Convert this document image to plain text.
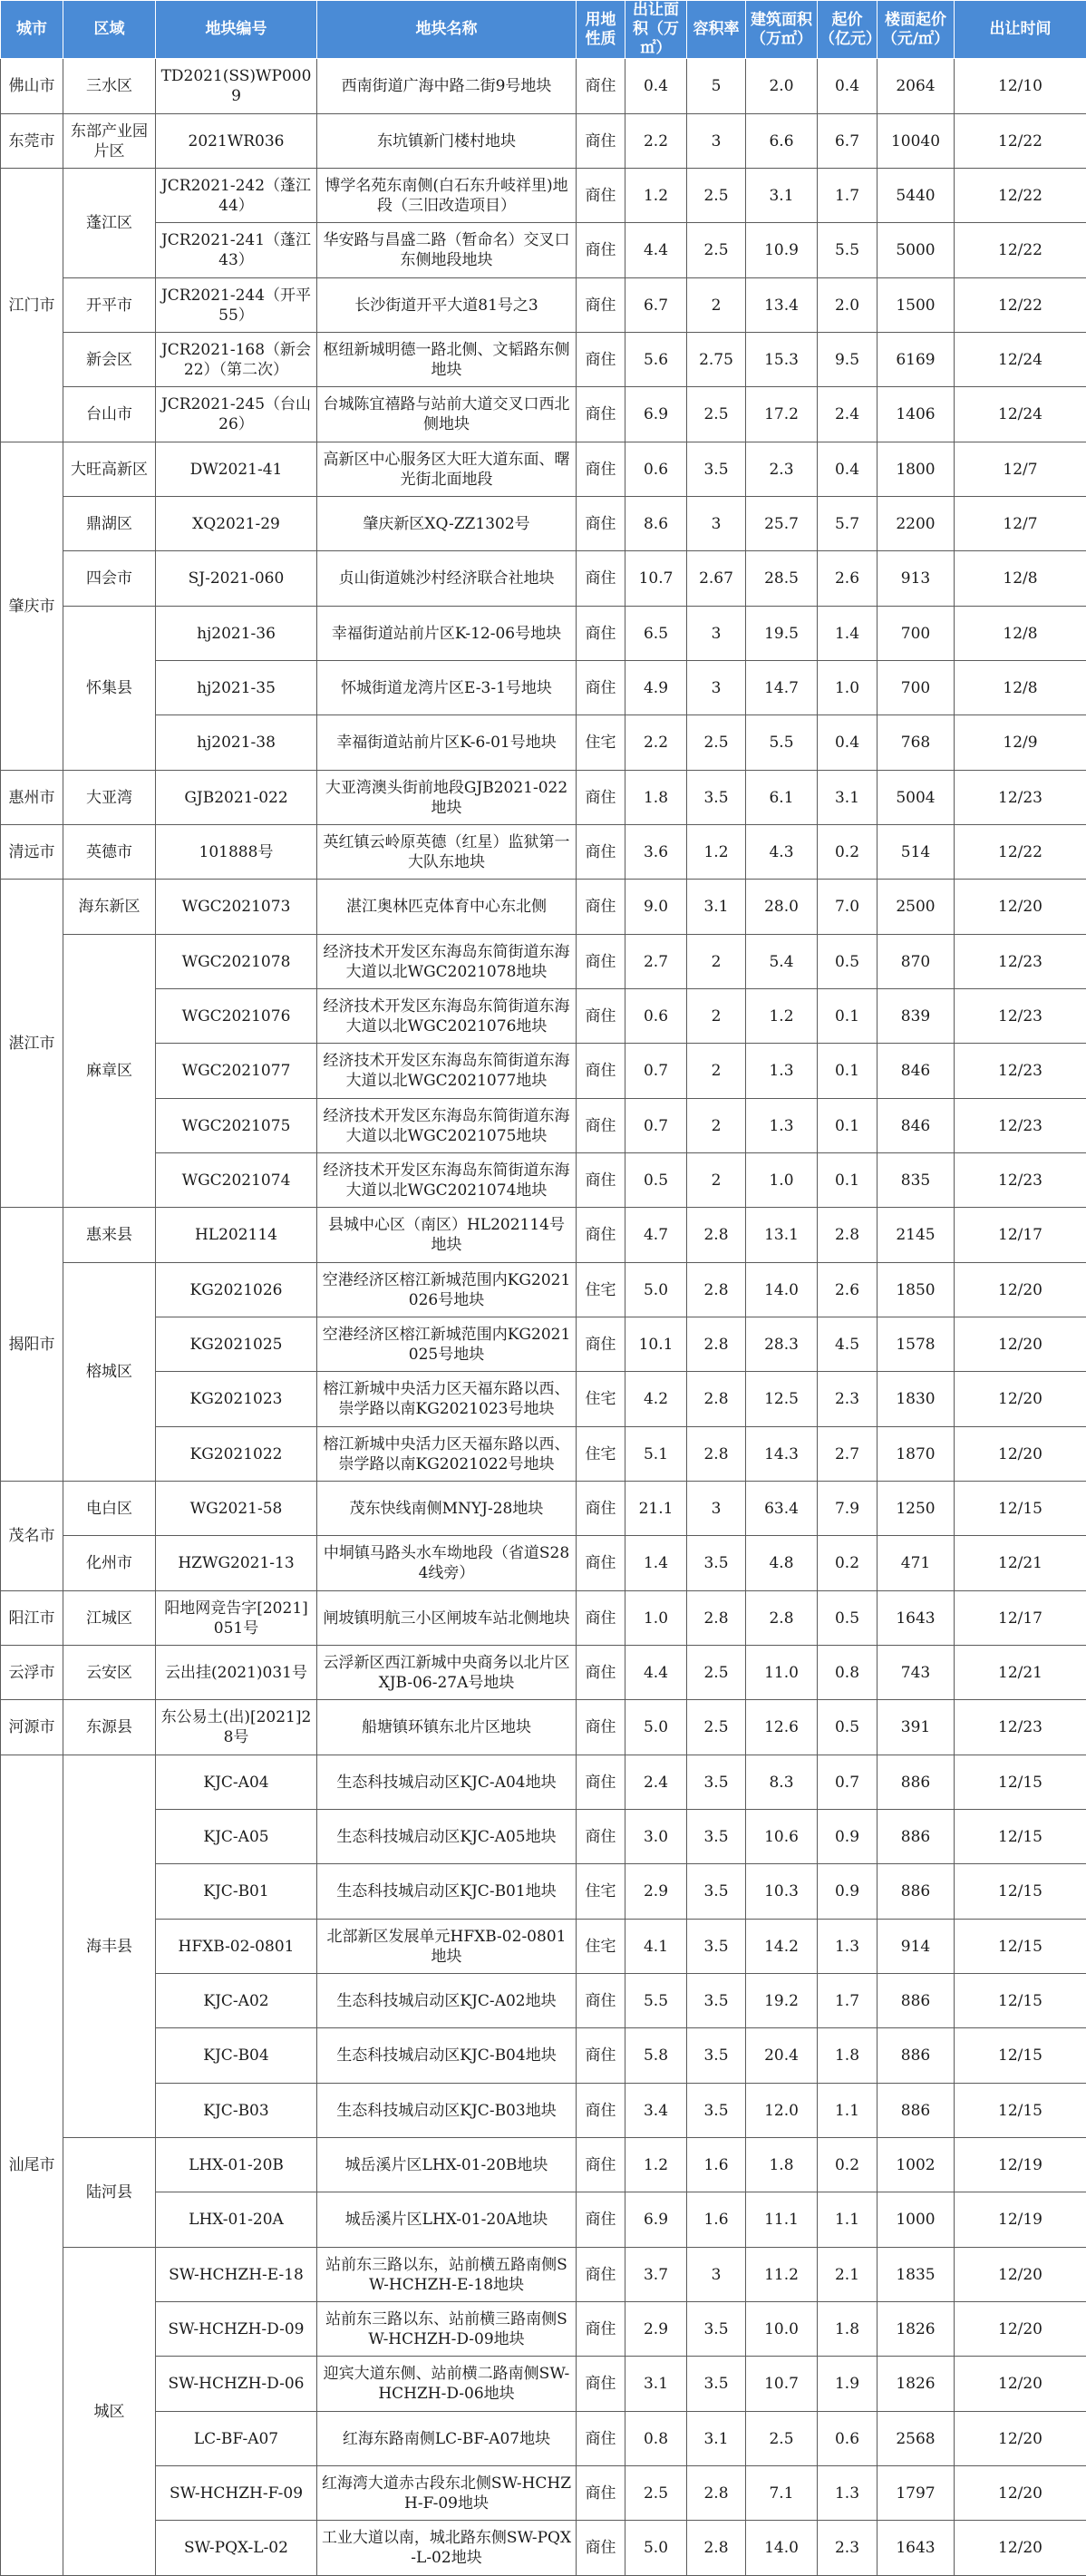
城市	区域	地块编号	地块名称	用地性质	出让面积（万㎡）	容积率	建筑面积（万㎡）	起价（亿元）	楼面起价（元/㎡）	出让时间
佛山市	三水区	TD2021(SS)WP0009	西南街道广海中路二街9号地块	商住	0.4	5	2.0	0.4	2064	12/10
东莞市	东部产业园片区	2021WR036	东坑镇新门楼村地块	商住	2.2	3	6.6	6.7	10040	12/22
江门市	蓬江区	JCR2021-242（蓬江44）	博学名苑东南侧(白石东升岐祥里)地段（三旧改造项目）	商住	1.2	2.5	3.1	1.7	5440	12/22
		JCR2021-241（蓬江43）	华安路与昌盛二路（暂命名）交叉口东侧地段地块	商住	4.4	2.5	10.9	5.5	5000	12/22
	开平市	JCR2021-244（开平55）	长沙街道开平大道81号之3	商住	6.7	2	13.4	2.0	1500	12/22
	新会区	JCR2021-168（新会22）（第二次）	枢纽新城明德一路北侧、文韬路东侧地块	商住	5.6	2.75	15.3	9.5	6169	12/24
	台山市	JCR2021-245（台山26）	台城陈宜禧路与站前大道交叉口西北侧地块	商住	6.9	2.5	17.2	2.4	1406	12/24
肇庆市	大旺高新区	DW2021-41	高新区中心服务区大旺大道东面、曙光街北面地段	商住	0.6	3.5	2.3	0.4	1800	12/7
	鼎湖区	XQ2021-29	肇庆新区XQ-ZZ1302号	商住	8.6	3	25.7	5.7	2200	12/7
	四会市	SJ-2021-060	贞山街道姚沙村经济联合社地块	商住	10.7	2.67	28.5	2.6	913	12/8
	怀集县	hj2021-36	幸福街道站前片区K-12-06号地块	商住	6.5	3	19.5	1.4	700	12/8
		hj2021-35	怀城街道龙湾片区E-3-1号地块	商住	4.9	3	14.7	1.0	700	12/8
		hj2021-38	幸福街道站前片区K-6-01号地块	住宅	2.2	2.5	5.5	0.4	768	12/9
惠州市	大亚湾	GJB2021-022	大亚湾澳头街前地段GJB2021-022地块	商住	1.8	3.5	6.1	3.1	5004	12/23
清远市	英德市	101888号	英红镇云岭原英德（红星）监狱第一大队东地块	商住	3.6	1.2	4.3	0.2	514	12/22
湛江市	海东新区	WGC2021073	湛江奥林匹克体育中心东北侧	商住	9.0	3.1	28.0	7.0	2500	12/20
	麻章区	WGC2021078	经济技术开发区东海岛东简街道东海大道以北WGC2021078地块	商住	2.7	2	5.4	0.5	870	12/23
		WGC2021076	经济技术开发区东海岛东简街道东海大道以北WGC2021076地块	商住	0.6	2	1.2	0.1	839	12/23
		WGC2021077	经济技术开发区东海岛东简街道东海大道以北WGC2021077地块	商住	0.7	2	1.3	0.1	846	12/23
		WGC2021075	经济技术开发区东海岛东简街道东海大道以北WGC2021075地块	商住	0.7	2	1.3	0.1	846	12/23
		WGC2021074	经济技术开发区东海岛东简街道东海大道以北WGC2021074地块	商住	0.5	2	1.0	0.1	835	12/23
揭阳市	惠来县	HL202114	县城中心区（南区）HL202114号地块	商住	4.7	2.8	13.1	2.8	2145	12/17
	榕城区	KG2021026	空港经济区榕江新城范围内KG2021026号地块	住宅	5.0	2.8	14.0	2.6	1850	12/20
		KG2021025	空港经济区榕江新城范围内KG2021025号地块	商住	10.1	2.8	28.3	4.5	1578	12/20
		KG2021023	榕江新城中央活力区天福东路以西、崇学路以南KG2021023号地块	住宅	4.2	2.8	12.5	2.3	1830	12/20
		KG2021022	榕江新城中央活力区天福东路以西、崇学路以南KG2021022号地块	住宅	5.1	2.8	14.3	2.7	1870	12/20
茂名市	电白区	WG2021-58	茂东快线南侧MNYJ-28地块	商住	21.1	3	63.4	7.9	1250	12/15
	化州市	HZWG2021-13	中垌镇马路头水车坳地段（省道S284线旁）	商住	1.4	3.5	4.8	0.2	471	12/21
阳江市	江城区	阳地网竞告字[2021] 051号	闸坡镇明航三小区闸坡车站北侧地块	商住	1.0	2.8	2.8	0.5	1643	12/17
云浮市	云安区	云出挂(2021)031号	云浮新区西江新城中央商务以北片区XJB-06-27A号地块	商住	4.4	2.5	11.0	0.8	743	12/21
河源市	东源县	东公易土(出)[2021]28号	船塘镇环镇东北片区地块	商住	5.0	2.5	12.6	0.5	391	12/23
汕尾市	海丰县	KJC-A04	生态科技城启动区KJC-A04地块	商住	2.4	3.5	8.3	0.7	886	12/15
		KJC-A05	生态科技城启动区KJC-A05地块	商住	3.0	3.5	10.6	0.9	886	12/15
		KJC-B01	生态科技城启动区KJC-B01地块	住宅	2.9	3.5	10.3	0.9	886	12/15
		HFXB-02-0801	北部新区发展单元HFXB-02-0801地块	住宅	4.1	3.5	14.2	1.3	914	12/15
		KJC-A02	生态科技城启动区KJC-A02地块	商住	5.5	3.5	19.2	1.7	886	12/15
		KJC-B04	生态科技城启动区KJC-B04地块	商住	5.8	3.5	20.4	1.8	886	12/15
		KJC-B03	生态科技城启动区KJC-B03地块	商住	3.4	3.5	12.0	1.1	886	12/15
	陆河县	LHX-01-20B	城岳溪片区LHX-01-20B地块	商住	1.2	1.6	1.8	0.2	1002	12/19
		LHX-01-20A	城岳溪片区LHX-01-20A地块	商住	6.9	1.6	11.1	1.1	1000	12/19
	城区	SW-HCHZH-E-18	站前东三路以东，站前横五路南侧SW-HCHZH-E-18地块	商住	3.7	3	11.2	2.1	1835	12/20
		SW-HCHZH-D-09	站前东三路以东、站前横三路南侧SW-HCHZH-D-09地块	商住	2.9	3.5	10.0	1.8	1826	12/20
		SW-HCHZH-D-06	迎宾大道东侧、站前横二路南侧SW-HCHZH-D-06地块	商住	3.1	3.5	10.7	1.9	1826	12/20
		LC-BF-A07	红海东路南侧LC-BF-A07地块	商住	0.8	3.1	2.5	0.6	2568	12/20
		SW-HCHZH-F-09	红海湾大道赤古段东北侧SW-HCHZH-F-09地块	商住	2.5	2.8	7.1	1.3	1797	12/20
		SW-PQX-L-02	工业大道以南，城北路东侧SW-PQX-L-02地块	商住	5.0	2.8	14.0	2.3	1643	12/20
